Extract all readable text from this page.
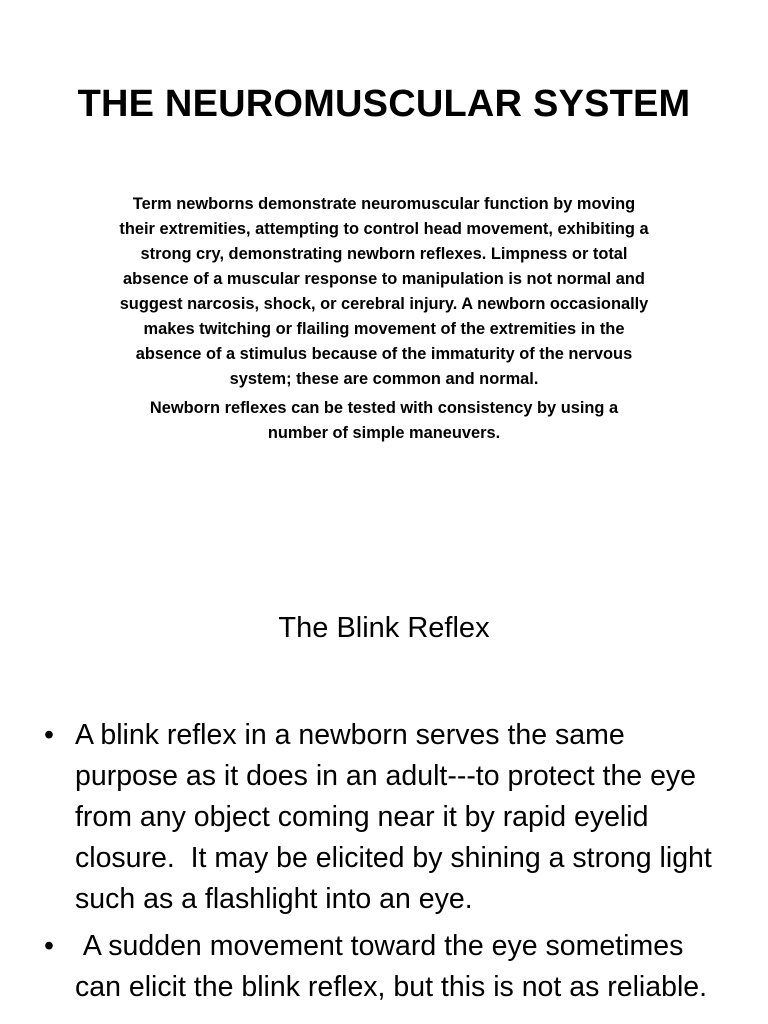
THE NEUROMUSCULAR SYSTEM

Term newborns demonstrate neuromuscular function by moving their extremities, attempting to control head movement, exhibiting a strong cry, demonstrating newborn reflexes. Limpness or total absence of a muscular response to manipulation is not normal and suggest narcosis, shock, or cerebral injury. A newborn occasionally makes twitching or flailing movement of the extremities in the absence of a stimulus because of the immaturity of the nervous system; these are common and normal.

Newborn reflexes can be tested with consistency by using a number of simple maneuvers.

The Blink Reflex
• A blink reflex in a newborn serves the same purpose as it does in an adult---to protect the eye from any object coming near it by rapid eyelid closure.  It may be elicited by shining a strong light such as a flashlight into an eye.
• A sudden movement toward the eye sometimes can elicit the blink reflex, but this is not as reliable.
